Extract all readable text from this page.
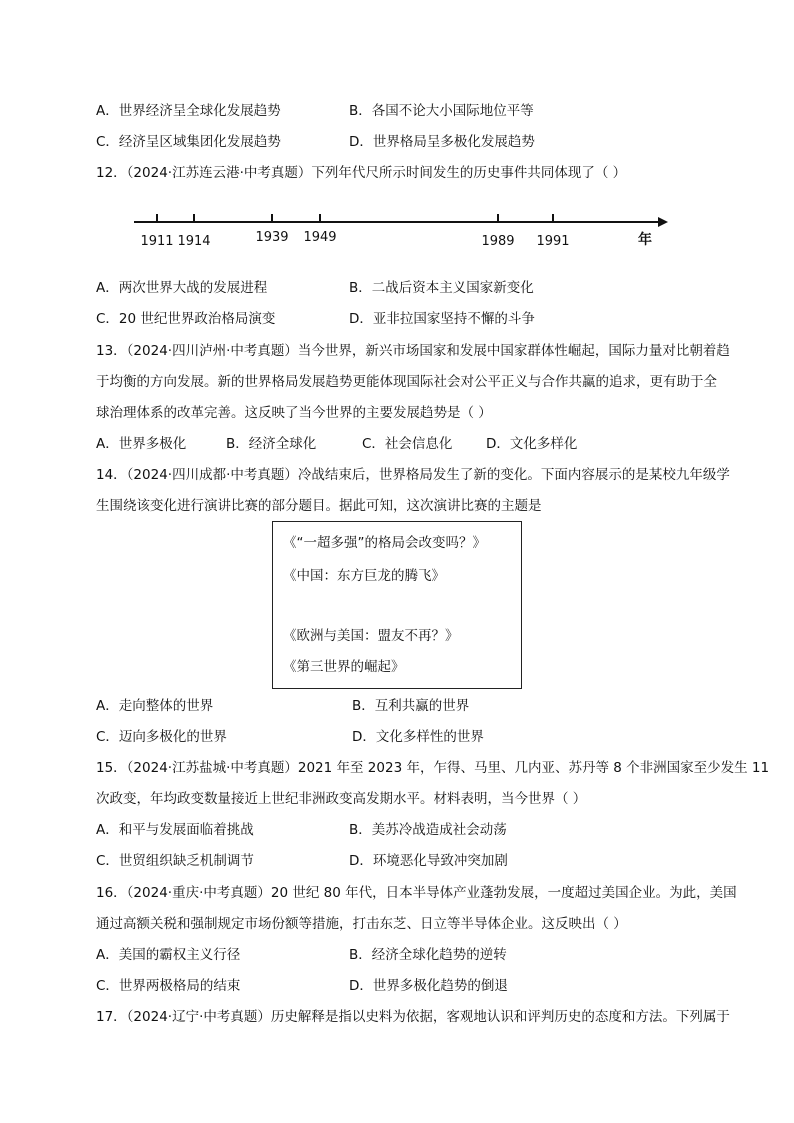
A．世界经济呈全球化发展趋势	B．各国不论大小国际地位平等
C．经济呈区域集团化发展趋势	D．世界格局呈多极化发展趋势
12．（2024·江苏连云港·中考真题）下列年代尺所示时间发生的历史事件共同体现了（ ）
1911 1914	1939 1949	1989 1991	年
A．两次世界大战的发展进程	B．二战后资本主义国家新变化
C．20 世纪世界政治格局演变	D．亚非拉国家坚持不懈的斗争
13．（2024·四川泸州·中考真题）当今世界，新兴市场国家和发展中国家群体性崛起，国际力量对比朝着趋
于均衡的方向发展。新的世界格局发展趋势更能体现国际社会对公平正义与合作共赢的追求，更有助于全
球治理体系的改革完善。这反映了当今世界的主要发展趋势是（ ）
A．世界多极化	B．经济全球化	C．社会信息化 D．文化多样化
14．（2024·四川成都·中考真题）冷战结束后，世界格局发生了新的变化。下面内容展示的是某校九年级学
生围绕该变化进行演讲比赛的部分题目。据此可知，这次演讲比赛的主题是
《“一超多强”的格局会改变吗？》
《中国：东方巨龙的腾飞》
《欧洲与美国：盟友不再？》
《第三世界的崛起》
A．走向整体的世界	B．互利共赢的世界
C．迈向多极化的世界	D．文化多样性的世界
15．（2024·江苏盐城·中考真题）2021 年至 2023 年，乍得、马里、几内亚、苏丹等 8 个非洲国家至少发生 11
次政变，年均政变数量接近上世纪非洲政变高发期水平。材料表明，当今世界（ ）
A．和平与发展面临着挑战	B．美苏冷战造成社会动荡
C．世贸组织缺乏机制调节	D．环境恶化导致冲突加剧
16．（2024·重庆·中考真题）20 世纪 80 年代，日本半导体产业蓬勃发展，一度超过美国企业。为此，美国
通过高额关税和强制规定市场份额等措施，打击东芝、日立等半导体企业。这反映出（ ）
A．美国的霸权主义行径	B．经济全球化趋势的逆转
C．世界两极格局的结束	D．世界多极化趋势的倒退
17．（2024·辽宁·中考真题）历史解释是指以史料为依据，客观地认识和评判历史的态度和方法。下列属于
